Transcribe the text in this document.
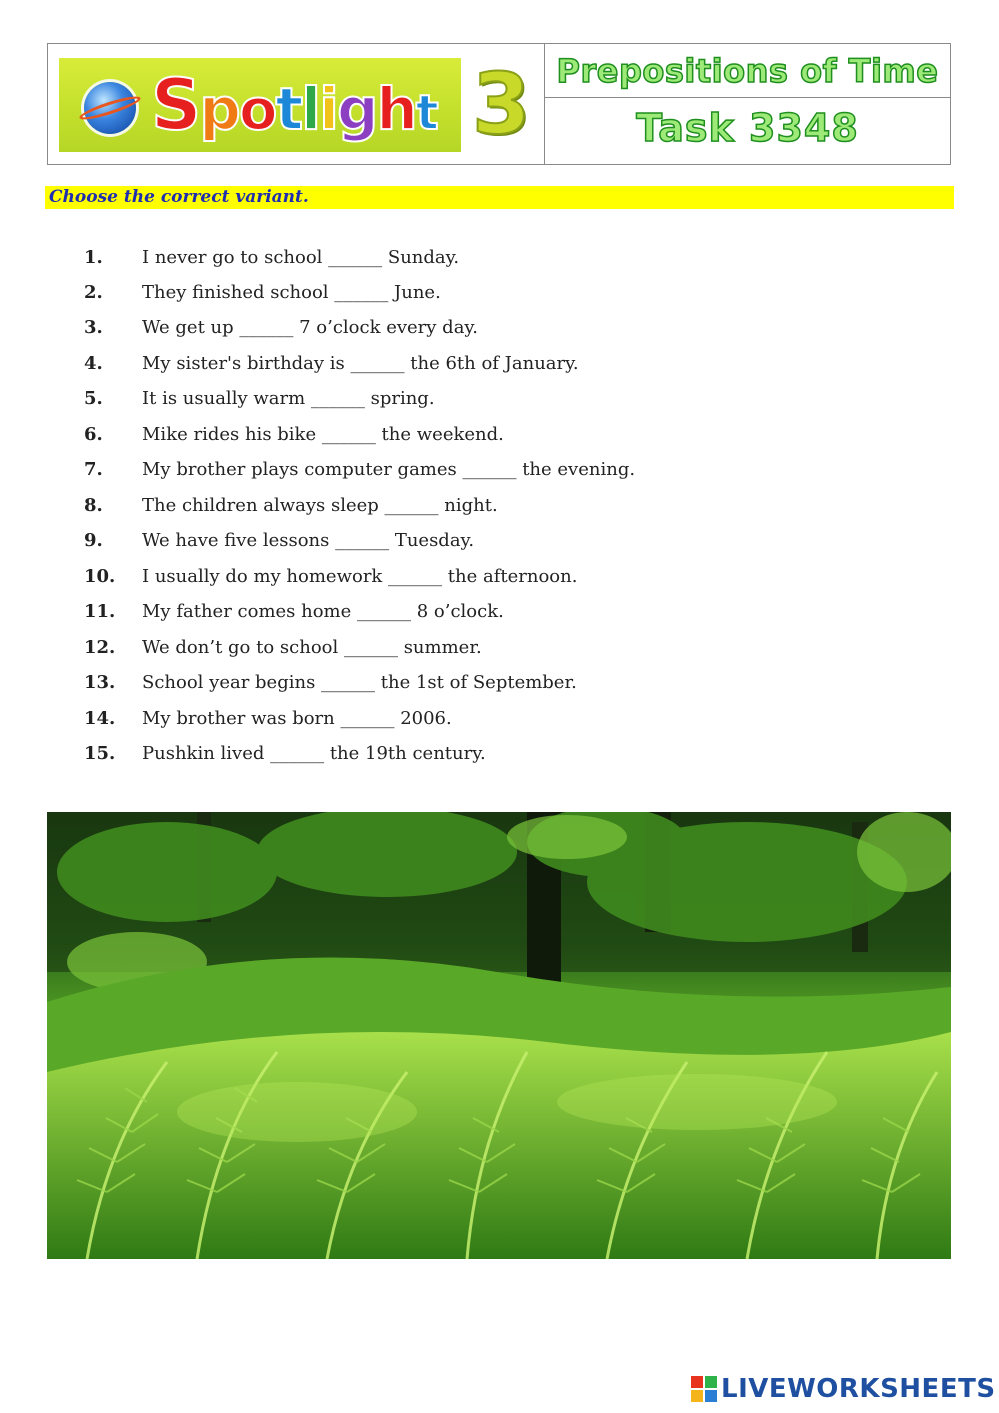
Spotlight 3 Prepositions of Time
Task 3348
Choose the correct variant.
1. I never go to school ______ Sunday.
2. They finished school ______ June.
3. We get up ______ 7 o’clock every day.
4. My sister's birthday is ______ the 6th of January.
5. It is usually warm ______ spring.
6. Mike rides his bike ______ the weekend.
7. My brother plays computer games ______ the evening.
8. The children always sleep ______ night.
9. We have five lessons ______ Tuesday.
10. I usually do my homework ______ the afternoon.
11. My father comes home ______ 8 o’clock.
12. We don’t go to school ______ summer.
13. School year begins ______ the 1st of September.
14. My brother was born ______ 2006.
15. Pushkin lived ______ the 19th century.
LIVEWORKSHEETS
